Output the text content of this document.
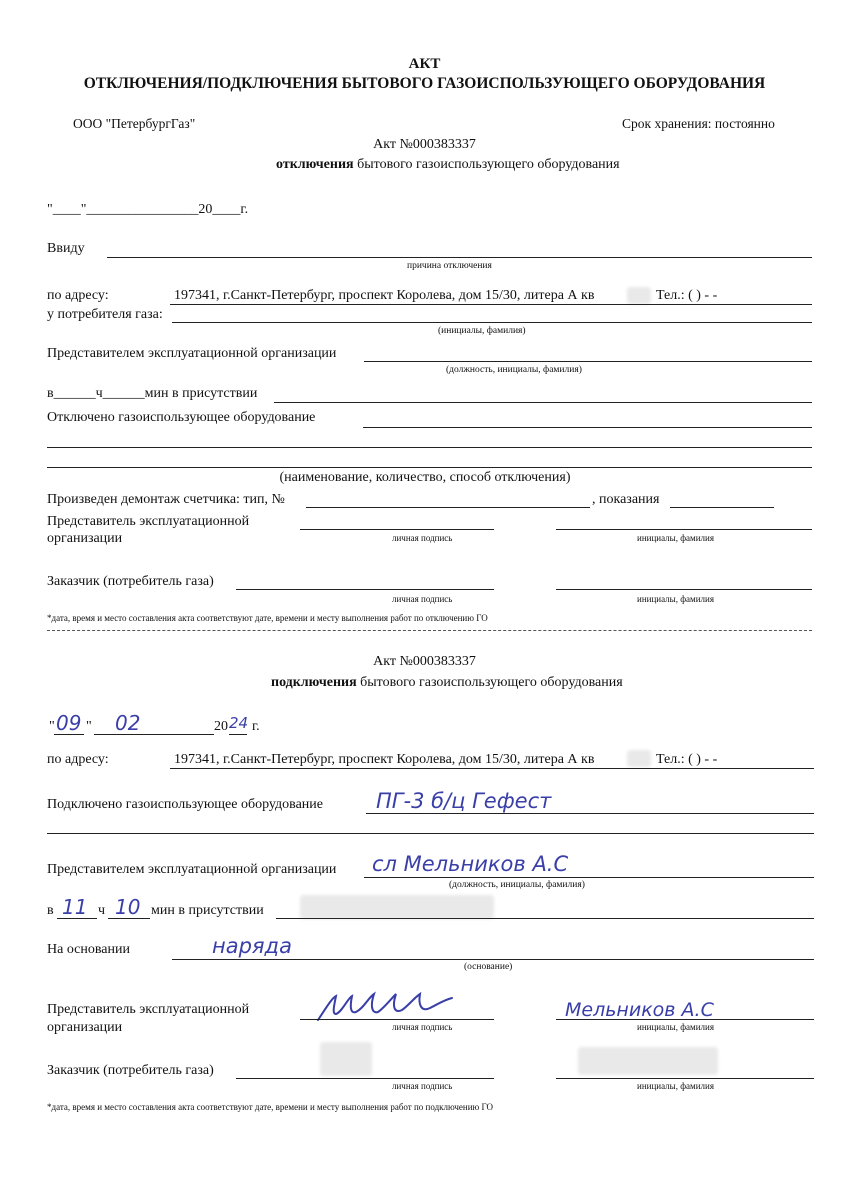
АКТ
ОТКЛЮЧЕНИЯ/ПОДКЛЮЧЕНИЯ БЫТОВОГО ГАЗОИСПОЛЬЗУЮЩЕГО ОБОРУДОВАНИЯ
ООО "ПетербургГаз"	Срок хранения: постоянно
Акт №000383337
отключения бытового газоиспользующего оборудования
"____"________________20____г.
Ввиду
причина отключения
по адресу:	197341, г.Санкт-Петербург, проспект Королева, дом 15/30, литера А кв	Тел.: ( ) - -
у потребителя газа:
(инициалы, фамилия)
Представителем эксплуатационной организации
(должность, инициалы, фамилия)
в______ч______мин в присутствии
Отключено газоиспользующее оборудование
(наименование, количество, способ отключения)
Произведен демонтаж счетчика: тип, №	, показания
Представитель эксплуатационной
организации	личная подпись	инициалы, фамилия
Заказчик (потребитель газа)
личная подпись	инициалы, фамилия
*дата, время и место составления акта соответствуют дате, времени и месту выполнения работ по отключению ГО
Акт №000383337
подключения бытового газоиспользующего оборудования
" 09 " 02	20 24 г.
по адресу:	197341, г.Санкт-Петербург, проспект Королева, дом 15/30, литера А кв	Тел.: ( ) - -
Подключено газоиспользующее оборудование	ПГ-3 б/ц Гефест
Представителем эксплуатационной организации сл Мельников А.С
(должность, инициалы, фамилия)
в 11 ч 10 мин в присутствии
На основании	наряда
(основание)
Представитель эксплуатационной
организации
Мельников А.С
личная подпись	инициалы, фамилия
Заказчик (потребитель газа)
личная подпись	инициалы, фамилия
*дата, время и место составления акта соответствуют дате, времени и месту выполнения работ по подключению ГО
